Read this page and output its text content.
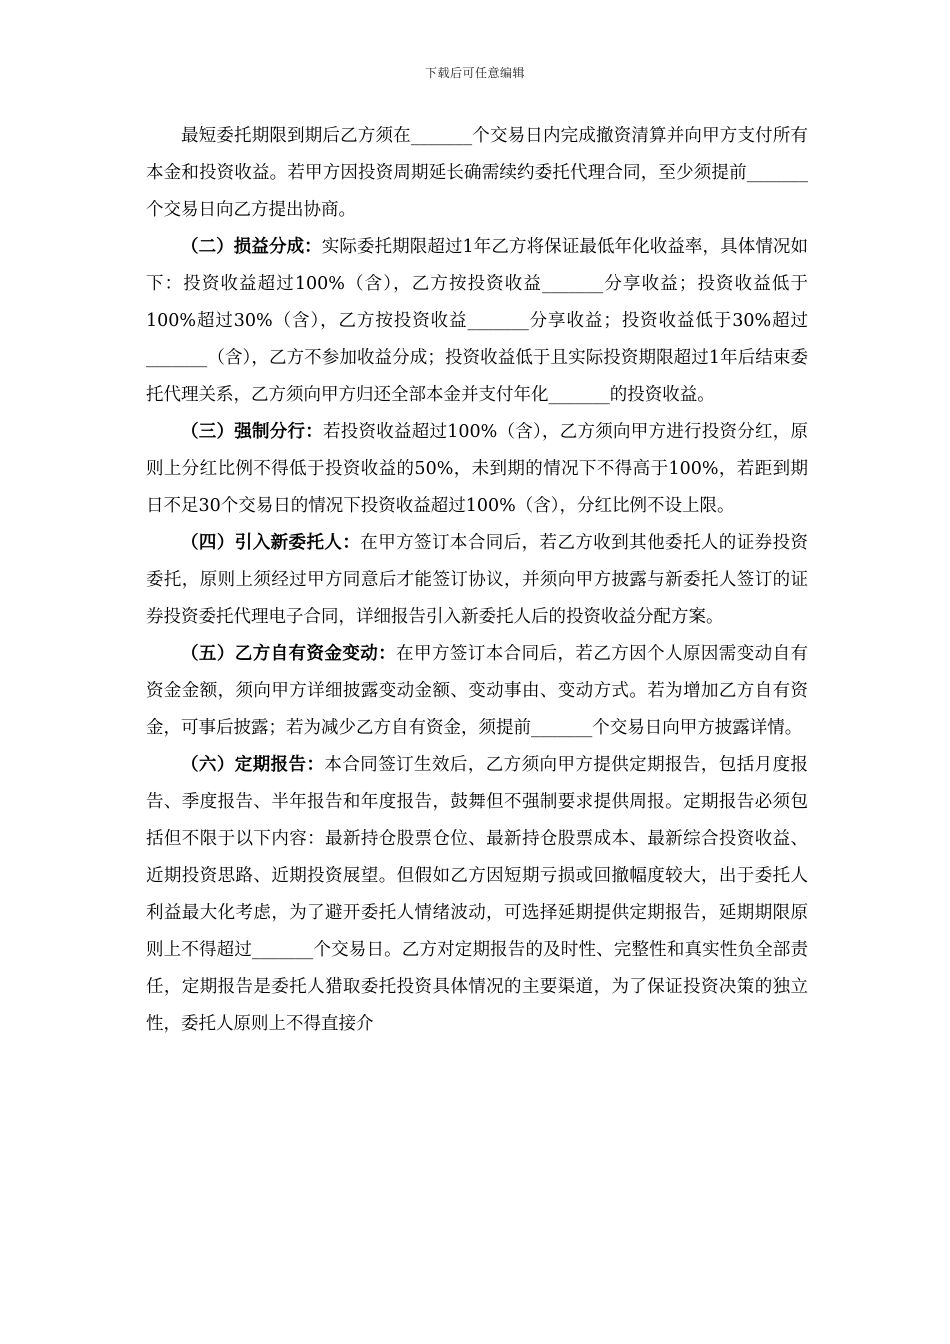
下载后可任意编辑

最短委托期限到期后乙方须在_______个交易日内完成撤资清算并向甲方支付所有本金和投资收益。若甲方因投资周期延长确需续约委托代理合同，至少须提前_______个交易日向乙方提出协商。

（二）损益分成：实际委托期限超过1年乙方将保证最低年化收益率，具体情况如下：投资收益超过100%（含），乙方按投资收益_______分享收益；投资收益低于100%超过30%（含），乙方按投资收益_______分享收益；投资收益低于30%超过_______（含），乙方不参加收益分成；投资收益低于且实际投资期限超过1年后结束委托代理关系，乙方须向甲方归还全部本金并支付年化_______的投资收益。

（三）强制分行：若投资收益超过100%（含），乙方须向甲方进行投资分红，原则上分红比例不得低于投资收益的50%，未到期的情况下不得高于100%，若距到期日不足30个交易日的情况下投资收益超过100%（含），分红比例不设上限。

（四）引入新委托人：在甲方签订本合同后，若乙方收到其他委托人的证券投资委托，原则上须经过甲方同意后才能签订协议，并须向甲方披露与新委托人签订的证券投资委托代理电子合同，详细报告引入新委托人后的投资收益分配方案。

（五）乙方自有资金变动：在甲方签订本合同后，若乙方因个人原因需变动自有资金金额，须向甲方详细披露变动金额、变动事由、变动方式。若为增加乙方自有资金，可事后披露；若为减少乙方自有资金，须提前_______个交易日向甲方披露详情。

（六）定期报告：本合同签订生效后，乙方须向甲方提供定期报告，包括月度报告、季度报告、半年报告和年度报告，鼓舞但不强制要求提供周报。定期报告必须包括但不限于以下内容：最新持仓股票仓位、最新持仓股票成本、最新综合投资收益、近期投资思路、近期投资展望。但假如乙方因短期亏损或回撤幅度较大，出于委托人利益最大化考虑，为了避开委托人情绪波动，可选择延期提供定期报告，延期期限原则上不得超过_______个交易日。乙方对定期报告的及时性、完整性和真实性负全部责任，定期报告是委托人猎取委托投资具体情况的主要渠道，为了保证投资决策的独立性，委托人原则上不得直接介
